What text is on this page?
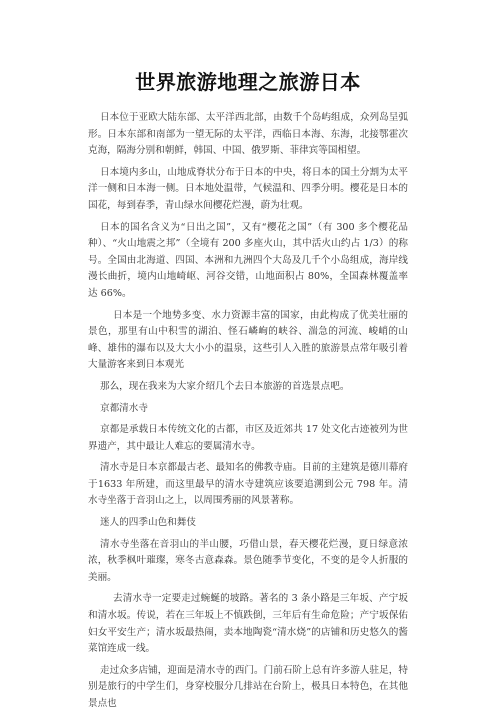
世界旅游地理之旅游日本

日本位于亚欧大陆东部、太平洋西北部，由数千个岛屿组成，众列岛呈弧形。日本东部和南部为一望无际的太平洋，西临日本海、东海，北接鄂霍次克海，隔海分别和朝鲜，韩国、中国、俄罗斯、菲律宾等国相望。

日本境内多山，山地成脊状分布于日本的中央，将日本的国土分割为太平洋一侧和日本海一侧。日本地处温带，气候温和、四季分明。樱花是日本的国花，每到春季，青山绿水间樱花烂漫，蔚为壮观。

日本的国名含义为“日出之国”，又有“樱花之国”（有 300 多个樱花品种）、“火山地震之邦”（全境有 200 多座火山，其中活火山约占 1/3）的称号。全国由北海道、四国、本洲和九洲四个大岛及几千个小岛组成，海岸线漫长曲折，境内山地崎岖、河谷交错，山地面积占 80%，全国森林覆盖率达 66%。

日本是一个地势多变、水力资源丰富的国家，由此构成了优美壮丽的景色，那里有山中积雪的湖泊、怪石嶙峋的峡谷、湍急的河流、峻峭的山峰、雄伟的瀑布以及大大小小的温泉，这些引人入胜的旅游景点常年吸引着大量游客来到日本观光

那么，现在我来为大家介绍几个去日本旅游的首选景点吧。

京都清水寺

京都是承载日本传统文化的古都，市区及近郊共 17 处文化古迹被列为世界遗产，其中最让人难忘的要属清水寺。

清水寺是日本京都最古老、最知名的佛教寺庙。目前的主建筑是德川幕府于1633 年所建，而这里最早的清水寺建筑应该要追溯到公元 798 年。清水寺坐落于音羽山之上，以周围秀丽的风景著称。

迷人的四季山色和舞伎

清水寺坐落在音羽山的半山腰，巧借山景，春天樱花烂漫，夏日绿意浓浓，秋季枫叶璀璨，寒冬古意森森。景色随季节变化，不变的是令人折服的美丽。

去清水寺一定要走过蜿蜒的坡路。著名的 3 条小路是三年坂、产宁坂和清水坂。传说，若在三年坂上不慎跌倒，三年后有生命危险；产宁坂保佑妇女平安生产；清水坂最热闹，卖本地陶瓷“清水烧”的店铺和历史悠久的酱菜馆连成一线。

走过众多店铺，迎面是清水寺的西门。门前石阶上总有许多游人驻足，特别是旅行的中学生们，身穿校服分几排站在台阶上，极具日本特色，在其他景点也
